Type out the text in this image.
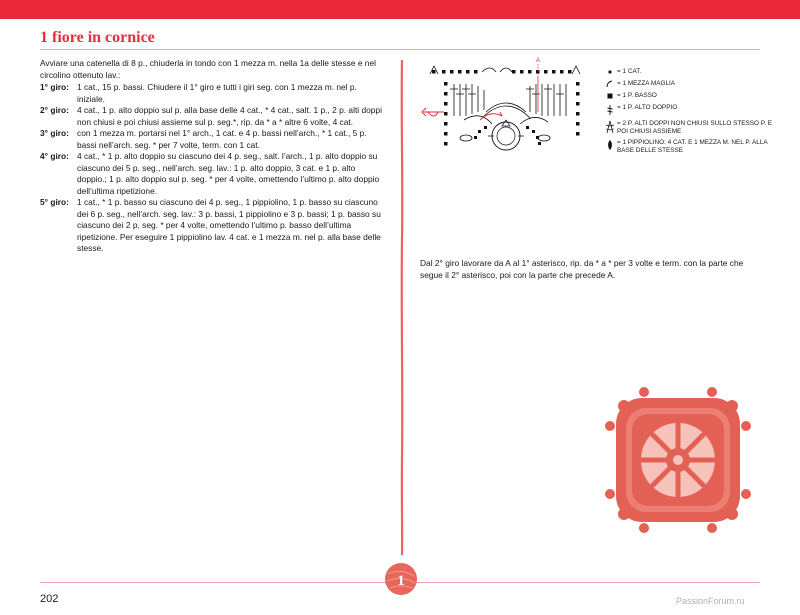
1 fiore in cornice

Avviare una catenella di 8 p., chiuderla in tondo con 1 mezza m. nella 1a delle stesse e nel circolino ottenuto lav.:

1° giro: 1 cat., 15 p. bassi. Chiudere il 1° giro e tutti i giri seg. con 1 mezza m. nel p. iniziale.
2° giro: 4 cat., 1 p. alto doppio sul p. alla base delle 4 cat., * 4 cat., salt. 1 p., 2 p. alti doppi non chiusi e poi chiusi assieme sul p. seg.*, rip. da * a * altre 6 volte, 4 cat.
3° giro: con 1 mezza m. portarsi nel 1° arch., 1 cat. e 4 p. bassi nell’arch., * 1 cat., 5 p. bassi nell’arch. seg. * per 7 volte, term. con 1 cat.
4° giro: 4 cat., * 1 p. alto doppio su ciascuno dei 4 p. seg., salt. l’arch., 1 p. alto doppio su ciascuno dei 5 p. seg., nell’arch. seg. lav.: 1 p. alto doppio, 3 cat. e 1 p. alto doppio.; 1 p. alto doppio sul p. seg. * per 4 volte, omettendo l’ultimo p. alto doppio dell’ultima ripetizione.
5° giro: 1 cat., * 1 p. basso su ciascuno dei 4 p. seg., 1 pippiolino, 1 p. basso su ciascuno dei 6 p. seg., nell’arch. seg. lav.: 3 p. bassi, 1 pippiolino e 3 p. bassi; 1 p. basso su ciascuno dei 2 p. seg. * per 4 volte, omettendo l’ultimo p. basso dell’ultima ripetizione. Per eseguire 1 pippiolino lav. 4 cat. e 1 mezza m. nel p. alla base delle stesse.
A
= 1 CAT.
= 1 MEZZA MAGLIA
= 1 P. BASSO
= 1 P. ALTO DOPPIO
= 2 P. ALTI DOPPI NON CHIUSI SULLO STESSO P. E POI CHIUSI ASSIEME
= 1 PIPPIOLINO: 4 CAT. E 1 MEZZA M. NEL P. ALLA BASE DELLE STESSE

Dal 2° giro lavorare da A al 1° asterisco, rip. da * a * per 3 volte e term. con la parte che segue il 2° asterisco, poi con la parte che precede A.

1
202	PassionForum.ru
